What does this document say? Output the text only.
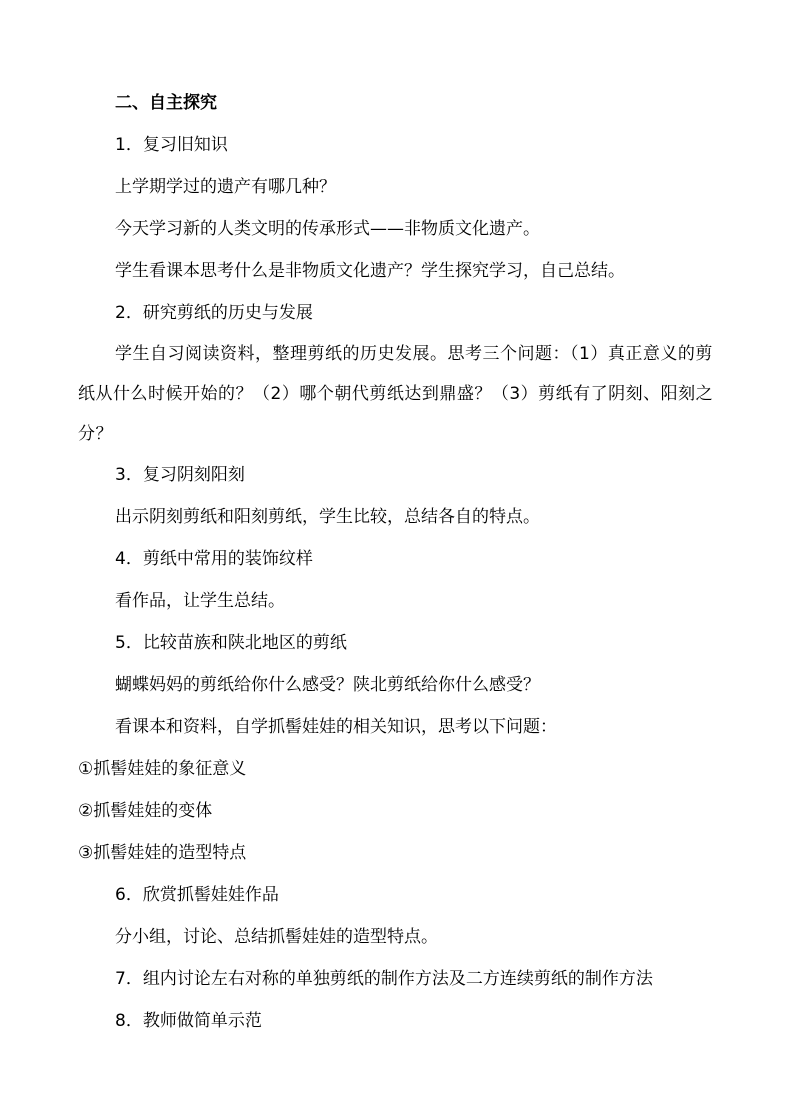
二、自主探究

1．复习旧知识

上学期学过的遗产有哪几种？

今天学习新的人类文明的传承形式——非物质文化遗产。

学生看课本思考什么是非物质文化遗产？学生探究学习，自己总结。

2．研究剪纸的历史与发展

学生自习阅读资料，整理剪纸的历史发展。思考三个问题：（1）真正意义的剪纸从什么时候开始的？（2）哪个朝代剪纸达到鼎盛？（3）剪纸有了阴刻、阳刻之分？

3．复习阴刻阳刻

出示阴刻剪纸和阳刻剪纸，学生比较，总结各自的特点。

4．剪纸中常用的装饰纹样

看作品，让学生总结。

5．比较苗族和陕北地区的剪纸

蝴蝶妈妈的剪纸给你什么感受？陕北剪纸给你什么感受？

看课本和资料，自学抓髻娃娃的相关知识，思考以下问题：

①抓髻娃娃的象征意义

②抓髻娃娃的变体

③抓髻娃娃的造型特点

6．欣赏抓髻娃娃作品

分小组，讨论、总结抓髻娃娃的造型特点。

7．组内讨论左右对称的单独剪纸的制作方法及二方连续剪纸的制作方法

8．教师做简单示范
